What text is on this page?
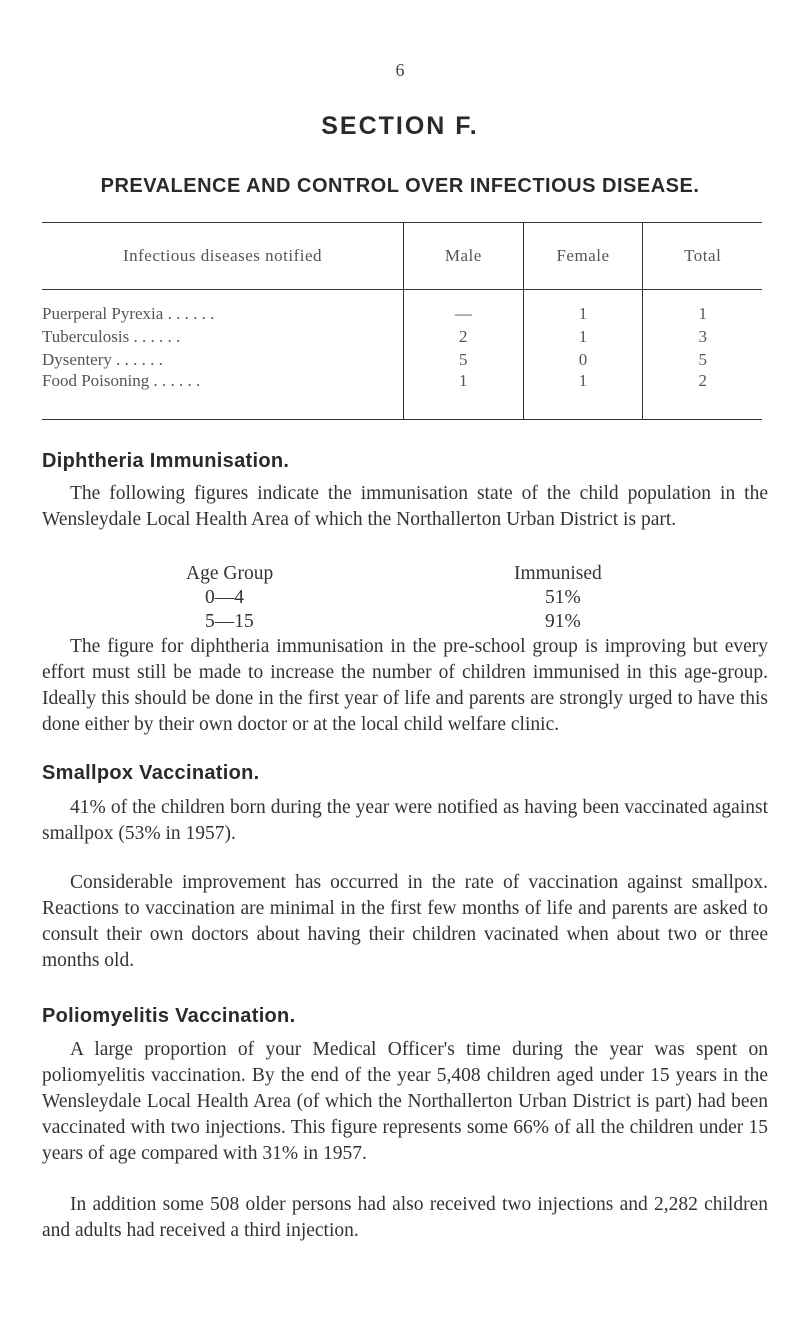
6
SECTION F.
PREVALENCE AND CONTROL OVER INFECTIOUS DISEASE.
Infectious diseases notified	Male	Female	Total

Puerperal Pyrexia . . . . . .	—	1	1
Tuberculosis . . . . . .	2	1	3
Dysentery . . . . . .	5	0	5
Food Poisoning . . . . . .	1	1	2
Diphtheria Immunisation.

The following figures indicate the immunisation state of the child population in the Wensleydale Local Health Area of which the Northallerton Urban District is part.

Age Group	Immunised
0—4	51%
5—15	91%

The figure for diphtheria immunisation in the pre-school group is improving but every effort must still be made to increase the number of children immunised in this age-group. Ideally this should be done in the first year of life and parents are strongly urged to have this done either by their own doctor or at the local child welfare clinic.

Smallpox Vaccination.

41% of the children born during the year were notified as having been vaccinated against smallpox (53% in 1957).

Considerable improvement has occurred in the rate of vaccination against smallpox. Reactions to vaccination are minimal in the first few months of life and parents are asked to consult their own doctors about having their children vacinated when about two or three months old.

Poliomyelitis Vaccination.

A large proportion of your Medical Officer's time during the year was spent on poliomyelitis vaccination. By the end of the year 5,408 children aged under 15 years in the Wensleydale Local Health Area (of which the Northallerton Urban District is part) had been vaccinated with two injections. This figure represents some 66% of all the children under 15 years of age compared with 31% in 1957.

In addition some 508 older persons had also received two injections and 2,282 children and adults had received a third injection.
